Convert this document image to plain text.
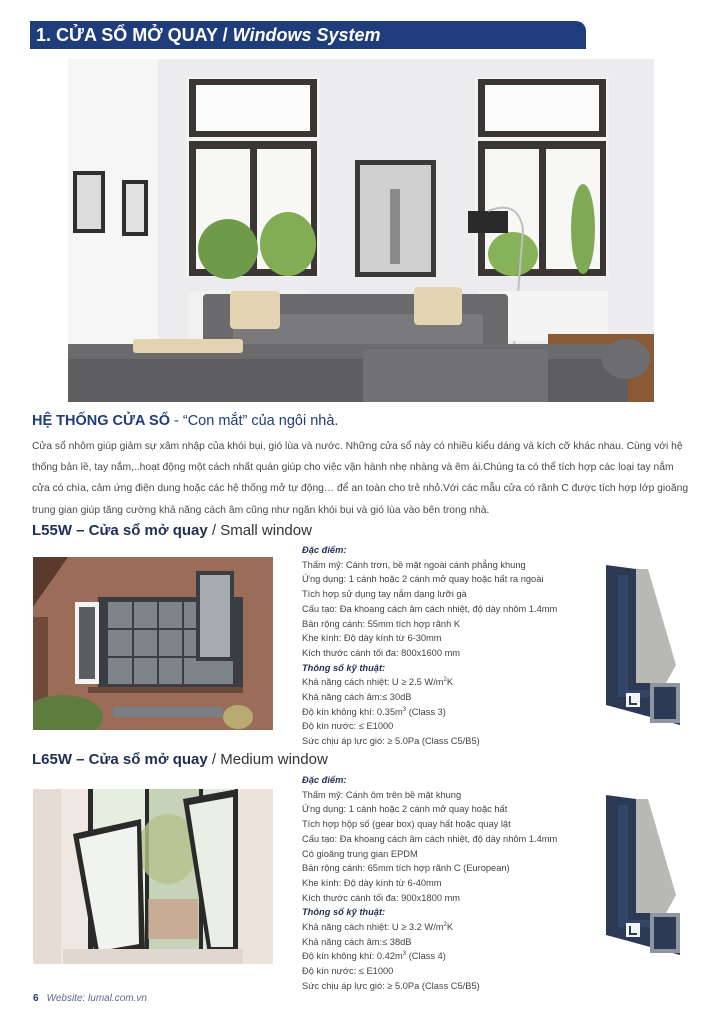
1. CỬA SỔ MỞ QUAY / Windows System
HỆ THỐNG CỬA SỔ - “Con mắt” của ngôi nhà.
Cửa sổ nhôm giúp giảm sự xâm nhập của khói bụi, gió lùa và nước. Những cửa sổ này có nhiều kiểu dáng và kích cỡ khác nhau. Cùng với hệ thống bản lề, tay nắm,..hoạt động một cách nhất quán giúp cho việc vận hành nhẹ nhàng và êm ái.Chúng ta có thể tích hợp các loại tay nắm cửa có chìa, cảm ứng điện dung hoặc các hệ thống mở tự động… để an toàn cho trẻ nhỏ.Với các mẫu cửa có rãnh C được tích hợp lớp gioăng trung gian giúp tăng cường khả năng cách âm cũng như ngăn khói bụi và gió lùa vào bên trong nhà.
L55W – Cửa sổ mở quay / Small window
Đặc điểm:
Thẩm mỹ: Cánh trơn, bề mặt ngoài cánh phẳng khung
Ứng dụng: 1 cánh hoặc 2 cánh mở quay hoặc hất ra ngoài
Tích hợp sử dụng tay nắm dạng lưỡi gà
Cấu tạo: Đa khoang cách âm cách nhiệt, độ dày nhôm 1.4mm
Bản rộng cánh: 55mm tích hợp rãnh K
Khe kính: Độ dày kính từ 6-30mm
Kích thước cánh tối đa: 800x1600 mm
Thông số kỹ thuật:
Khả năng cách nhiệt: U ≥ 2.5 $W/m^2K$
Khả năng cách âm:≤ 30dB
Độ kín không khí: $0.35m^3$ (Class 3)
Độ kín nước: ≤ E1000
Sức chịu áp lực gió: ≥ 5.0Pa (Class C5/B5)
L65W – Cửa sổ mở quay / Medium window
Đặc điểm:
Thẩm mỹ: Cánh ôm trên bề mặt khung
Ứng dụng: 1 cánh hoặc 2 cánh mở quay hoặc hất
Tích hợp hộp số (gear box) quay hất hoặc quay lật
Cấu tạo: Đa khoang cách âm cách nhiệt, độ dày nhôm 1.4mm
Có gioăng trung gian EPDM
Bản rộng cánh: 65mm tích hợp rãnh C (European)
Khe kính: Độ dày kính từ 6-40mm
Kích thước cánh tối đa: 900x1800 mm
Thông số kỹ thuật:
Khả năng cách nhiệt: U ≥ 3.2 $W/m^2K$
Khả năng cách âm:≤ 38dB
Độ kín không khí: $0.42m^3$ (Class 4)
Độ kín nước: ≤ E1000
Sức chịu áp lực gió: ≥ 5.0Pa (Class C5/B5)
6 Website: lumal.com.vn
